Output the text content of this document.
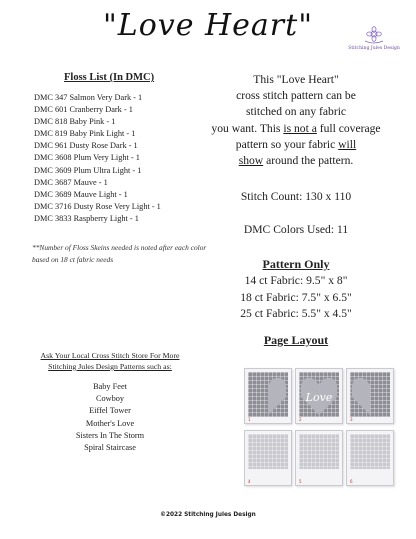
"Love Heart"
Stitching Jules Design
Floss List (In DMC)
DMC 347 Salmon Very Dark - 1
DMC 601 Cranberry Dark - 1
DMC 818 Baby Pink - 1
DMC 819 Baby Pink Light - 1
DMC 961 Dusty Rose Dark - 1
DMC 3608 Plum Very Light - 1
DMC 3609 Plum Ultra Light - 1
DMC 3687 Mauve - 1
DMC 3689 Mauve Light - 1
DMC 3716 Dusty Rose Very Light - 1
DMC 3833 Raspberry Light - 1
**Number of Floss Skeins needed is noted after each color based on 18 ct fabric needs
This "Love Heart"
cross stitch pattern can be
stitched on any fabric
you want. This is not a full coverage
pattern so your fabric will
show around the pattern.
Stitch Count: 130 x 110
DMC Colors Used: 11
Pattern Only
14 ct Fabric: 9.5" x 8"
18 ct Fabric: 7.5" x 6.5"
25 ct Fabric: 5.5" x 4.5"
Page Layout
Ask Your Local Cross Stitch Store For More
Stitching Jules Design Patterns such as:
Baby Feet
Cowboy
Eiffel Tower
Mother's Love
Sisters In The Storm
Spiral Staircase
1
Love
2	3
4	5	6
©2022 Stitching Jules Design
